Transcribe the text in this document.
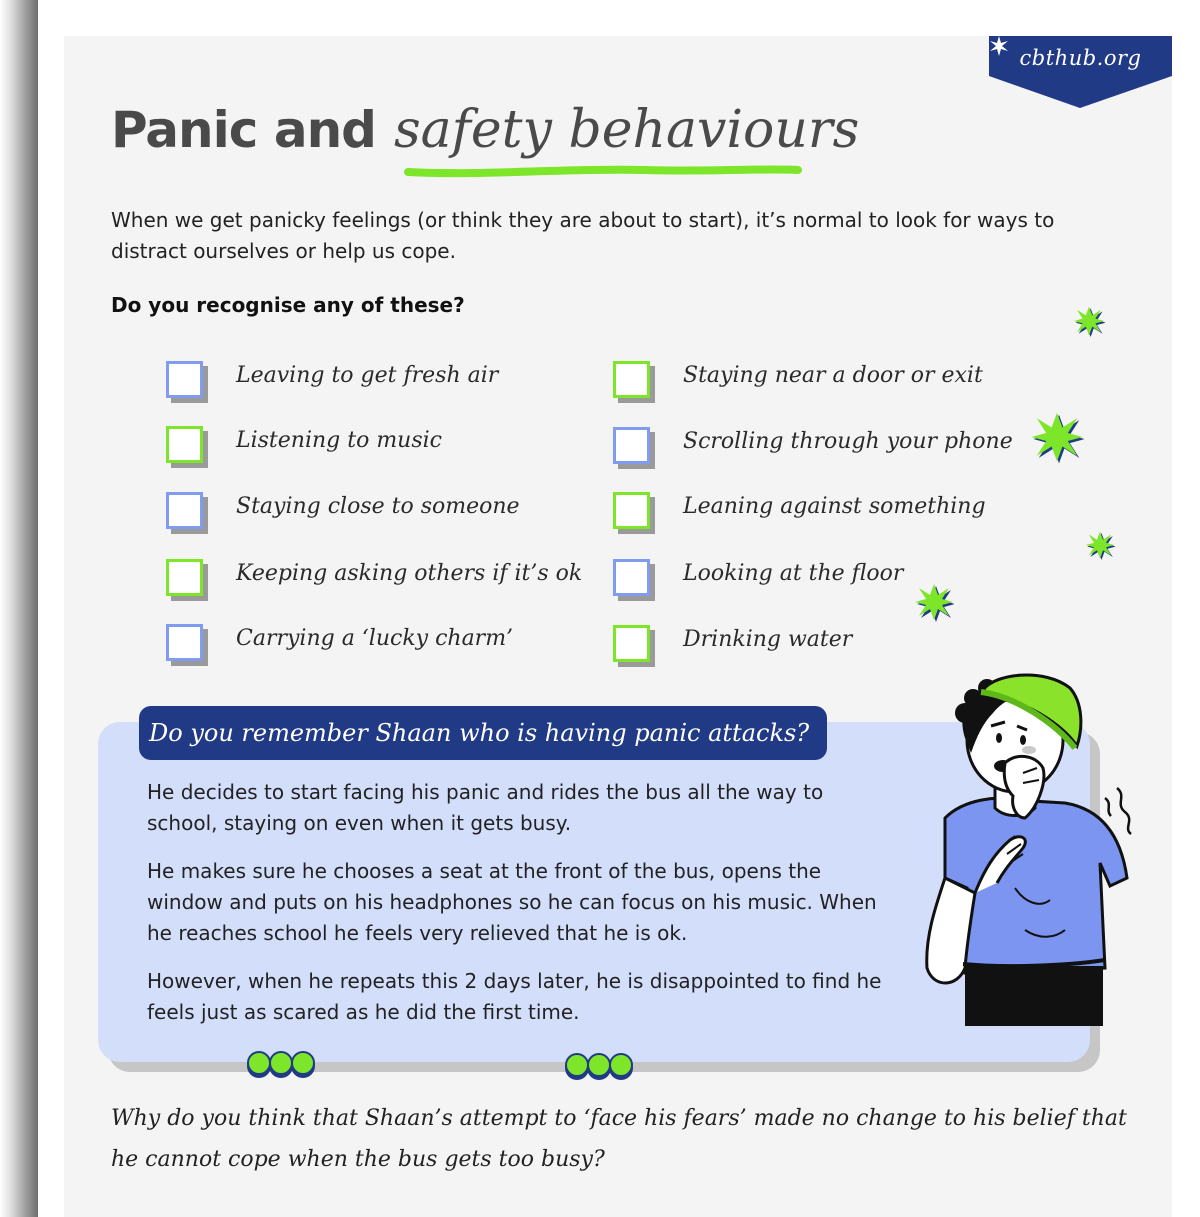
cbthub.org
Panic and safety behaviours
When we get panicky feelings (or think they are about to start), it’s normal to look for ways to distract ourselves or help us cope.
Do you recognise any of these?
Leaving to get fresh air
Listening to music
Staying close to someone
Keeping asking others if it’s ok
Carrying a ‘lucky charm’
Staying near a door or exit
Scrolling through your phone
Leaning against something
Looking at the floor
Drinking water
Do you remember Shaan who is having panic attacks?
He decides to start facing his panic and rides the bus all the way to school, staying on even when it gets busy.
He makes sure he chooses a seat at the front of the bus, opens the window and puts on his headphones so he can focus on his music. When he reaches school he feels very relieved that he is ok.
However, when he repeats this 2 days later, he is disappointed to find he feels just as scared as he did the first time.
Why do you think that Shaan’s attempt to ‘face his fears’ made no change to his belief that he cannot cope when the bus gets too busy?
